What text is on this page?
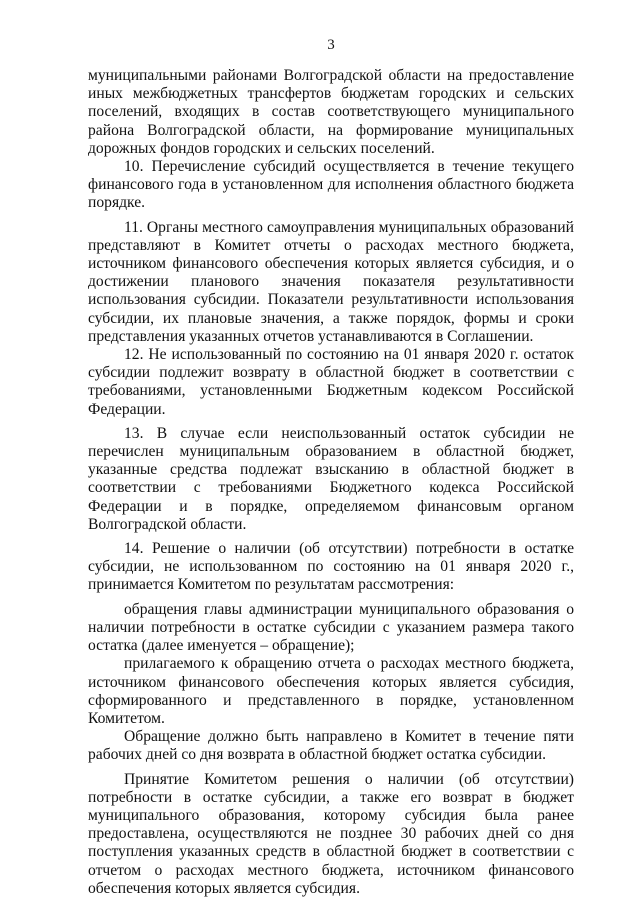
3

муниципальными районами Волгоградской области на предоставление иных межбюджетных трансфертов бюджетам городских и сельских поселений, входящих в состав соответствующего муниципального района Волгоградской области, на формирование муниципальных дорожных фондов городских и сельских поселений.

10. Перечисление субсидий осуществляется в течение текущего финансового года в установленном для исполнения областного бюджета порядке.

11. Органы местного самоуправления муниципальных образований представляют в Комитет отчеты о расходах местного бюджета, источником финансового обеспечения которых является субсидия, и о достижении планового значения показателя результативности использования субсидии. Показатели результативности использования субсидии, их плановые значения, а также порядок, формы и сроки представления указанных отчетов устанавливаются в Соглашении.

12. Не использованный по состоянию на 01 января 2020 г. остаток субсидии подлежит возврату в областной бюджет в соответствии с требованиями, установленными Бюджетным кодексом Российской Федерации.

13. В случае если неиспользованный остаток субсидии не перечислен муниципальным образованием в областной бюджет, указанные средства подлежат взысканию в областной бюджет в соответствии с требованиями Бюджетного кодекса Российской Федерации и в порядке, определяемом финансовым органом Волгоградской области.

14. Решение о наличии (об отсутствии) потребности в остатке субсидии, не использованном по состоянию на 01 января 2020 г., принимается Комитетом по результатам рассмотрения:

обращения главы администрации муниципального образования о наличии потребности в остатке субсидии с указанием размера такого остатка (далее именуется – обращение);

прилагаемого к обращению отчета о расходах местного бюджета, источником финансового обеспечения которых является субсидия, сформированного и представленного в порядке, установленном Комитетом.

Обращение должно быть направлено в Комитет в течение пяти рабочих дней со дня возврата в областной бюджет остатка субсидии.

Принятие Комитетом решения о наличии (об отсутствии) потребности в остатке субсидии, а также его возврат в бюджет муниципального образования, которому субсидия была ранее предоставлена, осуществляются не позднее 30 рабочих дней со дня поступления указанных средств в областной бюджет в соответствии с отчетом о расходах местного бюджета, источником финансового обеспечения которых является субсидия.
